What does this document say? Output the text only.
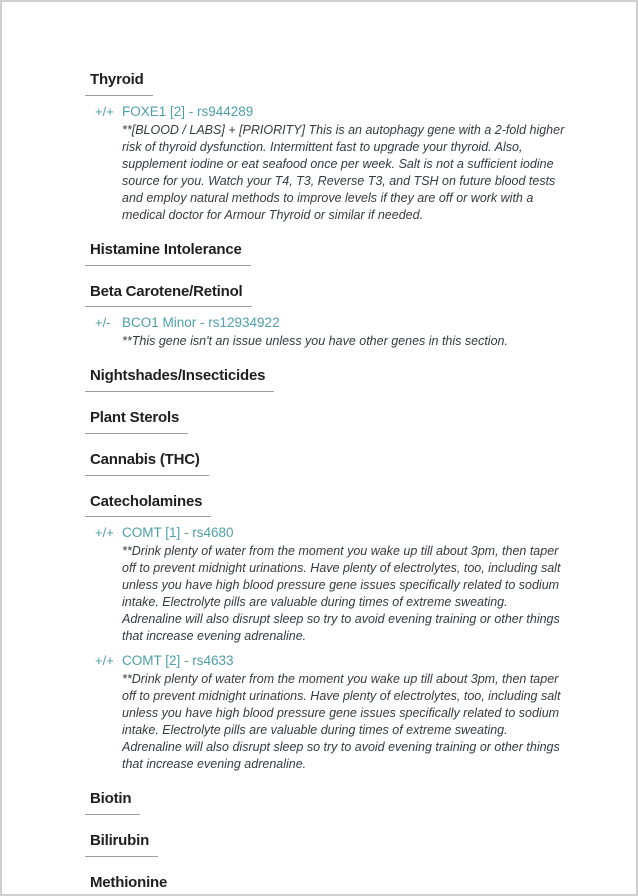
Thyroid
+/+ FOXE1 [2] - rs944289
**[BLOOD / LABS] + [PRIORITY] This is an autophagy gene with a 2-fold higher risk of thyroid dysfunction. Intermittent fast to upgrade your thyroid. Also, supplement iodine or eat seafood once per week. Salt is not a sufficient iodine source for you. Watch your T4, T3, Reverse T3, and TSH on future blood tests and employ natural methods to improve levels if they are off or work with a medical doctor for Armour Thyroid or similar if needed.
Histamine Intolerance
Beta Carotene/Retinol
+/- BCO1 Minor - rs12934922
**This gene isn't an issue unless you have other genes in this section.
Nightshades/Insecticides
Plant Sterols
Cannabis (THC)
Catecholamines
+/+ COMT [1] - rs4680
**Drink plenty of water from the moment you wake up till about 3pm, then taper off to prevent midnight urinations. Have plenty of electrolytes, too, including salt unless you have high blood pressure gene issues specifically related to sodium intake. Electrolyte pills are valuable during times of extreme sweating. Adrenaline will also disrupt sleep so try to avoid evening training or other things that increase evening adrenaline.
+/+ COMT [2] - rs4633
**Drink plenty of water from the moment you wake up till about 3pm, then taper off to prevent midnight urinations. Have plenty of electrolytes, too, including salt unless you have high blood pressure gene issues specifically related to sodium intake. Electrolyte pills are valuable during times of extreme sweating. Adrenaline will also disrupt sleep so try to avoid evening training or other things that increase evening adrenaline.
Biotin
Bilirubin
Methionine
